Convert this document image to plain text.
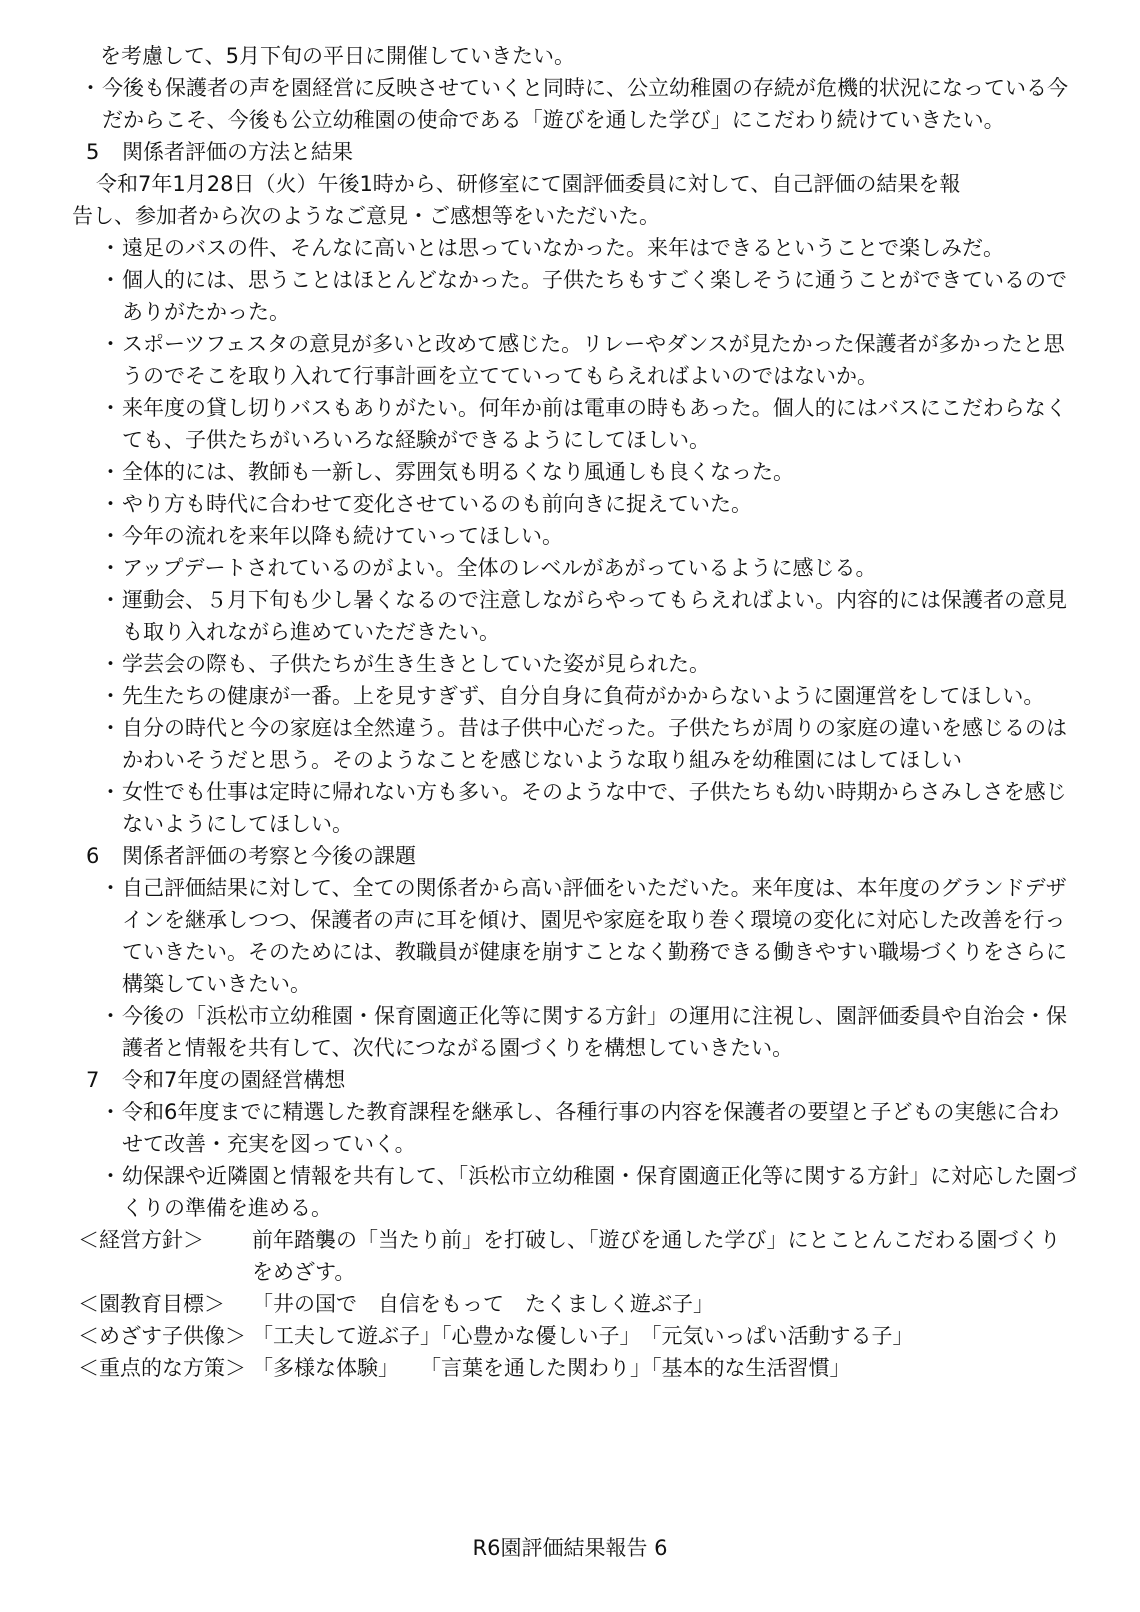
を考慮して、5月下旬の平日に開催していきたい。
・ 今後も保護者の声を園経営に反映させていくと同時に、公立幼稚園の存続が危機的状況になっている今だからこそ、今後も公立幼稚園の使命である「遊びを通した学び」にこだわり続けていきたい。
5	関係者評価の方法と結果
令和7年1月28日（火）午後1時から、研修室にて園評価委員に対して、自己評価の結果を報
告し、参加者から次のようなご意見・ご感想等をいただいた。
・ 遠足のバスの件、そんなに高いとは思っていなかった。来年はできるということで楽しみだ。
・ 個人的には、思うことはほとんどなかった。子供たちもすごく楽しそうに通うことができているのでありがたかった。
・ スポーツフェスタの意見が多いと改めて感じた。リレーやダンスが見たかった保護者が多かったと思うのでそこを取り入れて行事計画を立てていってもらえればよいのではないか。
・ 来年度の貸し切りバスもありがたい。何年か前は電車の時もあった。個人的にはバスにこだわらなくても、子供たちがいろいろな経験ができるようにしてほしい。
・ 全体的には、教師も一新し、雰囲気も明るくなり風通しも良くなった。
・ やり方も時代に合わせて変化させているのも前向きに捉えていた。
・ 今年の流れを来年以降も続けていってほしい。
・ アップデートされているのがよい。全体のレベルがあがっているように感じる。
・ 運動会、５月下旬も少し暑くなるので注意しながらやってもらえればよい。内容的には保護者の意見も取り入れながら進めていただきたい。
・ 学芸会の際も、子供たちが生き生きとしていた姿が見られた。
・ 先生たちの健康が一番。上を見すぎず、自分自身に負荷がかからないように園運営をしてほしい。
・ 自分の時代と今の家庭は全然違う。昔は子供中心だった。子供たちが周りの家庭の違いを感じるのはかわいそうだと思う。そのようなことを感じないような取り組みを幼稚園にはしてほしい
・ 女性でも仕事は定時に帰れない方も多い。そのような中で、子供たちも幼い時期からさみしさを感じないようにしてほしい。
6	関係者評価の考察と今後の課題
・ 自己評価結果に対して、全ての関係者から高い評価をいただいた。来年度は、本年度のグランドデザインを継承しつつ、保護者の声に耳を傾け、園児や家庭を取り巻く環境の変化に対応した改善を行っていきたい。そのためには、教職員が健康を崩すことなく勤務できる働きやすい職場づくりをさらに構築していきたい。
・ 今後の「浜松市立幼稚園・保育園適正化等に関する方針」の運用に注視し、園評価委員や自治会・保護者と情報を共有して、次代につながる園づくりを構想していきたい。
7	令和7年度の園経営構想
・ 令和6年度までに精選した教育課程を継承し、各種行事の内容を保護者の要望と子どもの実態に合わせて改善・充実を図っていく。
・ 幼保課や近隣園と情報を共有して、「浜松市立幼稚園・保育園適正化等に関する方針」に対応した園づくりの準備を進める。
＜経営方針＞	前年踏襲の「当たり前」を打破し、「遊びを通した学び」にとことんこだわる園づくりをめざす。
＜園教育目標＞	「井の国で　自信をもって　たくましく遊ぶ子」
＜めざす子供像＞ 「工夫して遊ぶ子」「心豊かな優しい子」　「元気いっぱい活動する子」
＜重点的な方策＞ 「多様な体験」　　「言葉を通した関わり」「基本的な生活習慣」
R6園評価結果報告 6
